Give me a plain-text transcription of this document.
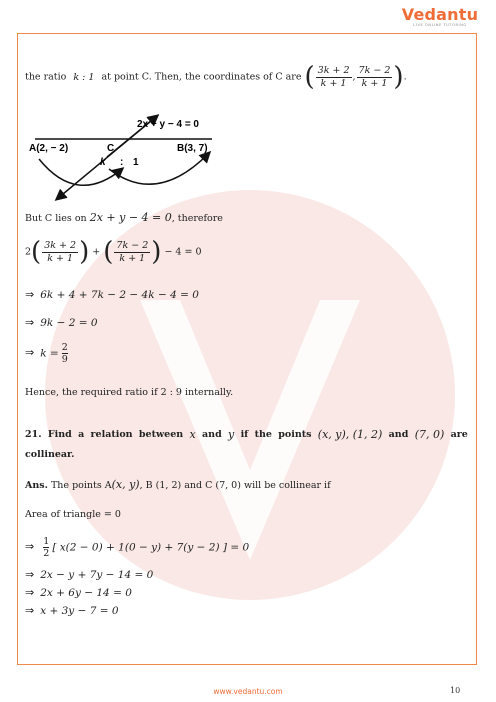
Vedantu
LIVE ONLINE TUTORING
the ratio k : 1 at point C. Then, the coordinates of C are ( $\frac{3k + 2}{k + 1}$ , $\frac{7k - 2}{k + 1}$ ).
2x + y − 4 = 0
A(2, − 2)	C	B(3, 7)
k : 1
But C lies on 2x + y − 4 = 0, therefore
$2( \frac{3k + 2}{k + 1}$ ) + ( $\frac{7k - 2}{k + 1}$ ) − 4 = 0
⇒ 6k + 4 + 7k − 2 − 4k − 4 = 0
⇒ 9k − 2 = 0
⇒ $k = \frac{2}{9}$
Hence, the required ratio if 2 : 9 internally.
21. Find a relation between x and y if the points (x, y), (1, 2) and (7, 0) are
collinear.
Ans. The points A(x, y), B (1, 2) and C (7, 0) will be collinear if
Area of triangle = 0
⇒ $\frac{1}{2}$ [ x(2 − 0) + 1(0 − y) + 7(y − 2) ] = 0
⇒ 2x − y + 7y − 14 = 0
⇒ 2x + 6y − 14 = 0
⇒ x + 3y − 7 = 0
10
www.vedantu.com
